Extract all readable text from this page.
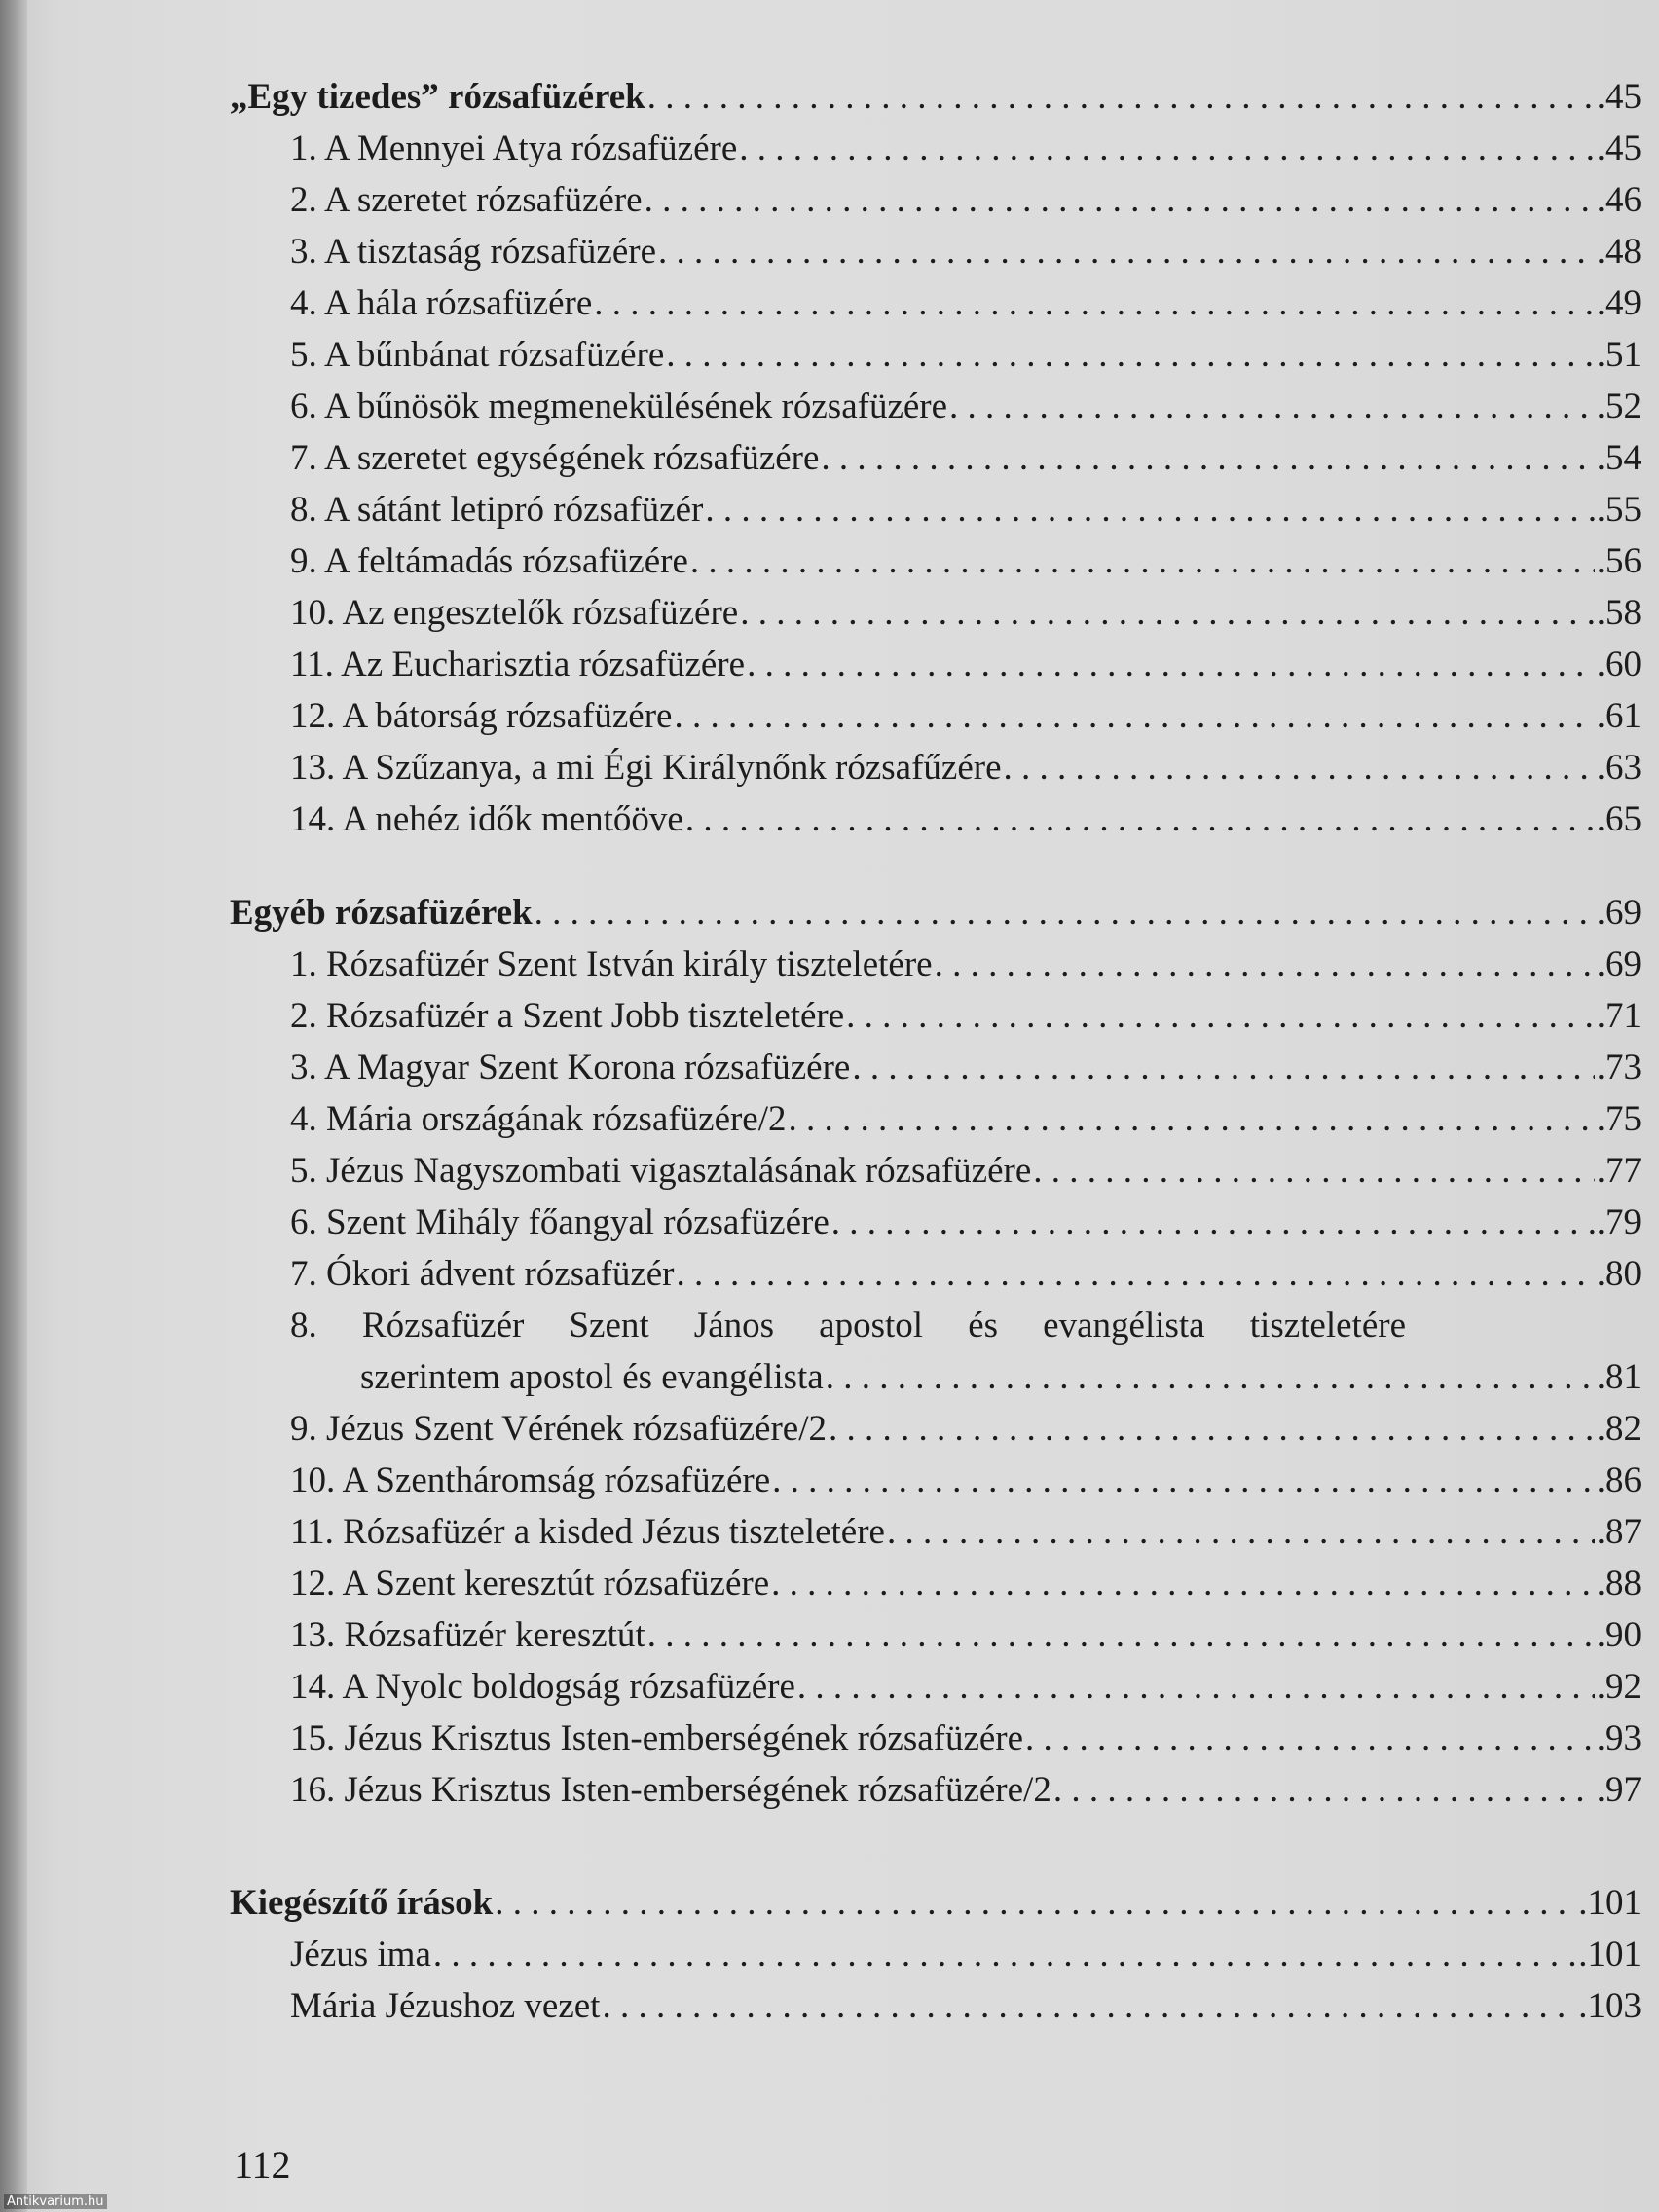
„Egy tizedes” rózsafüzérek . . .	.45
1. A Mennyei Atya rózsafüzére . . .	.45
2. A szeretet rózsafüzére . . .	.46
3. A tisztaság rózsafüzére . . .	.48
4. A hála rózsafüzére . . .	.49
5. A bűnbánat rózsafüzére . . .	.51
6. A bűnösök megmenekülésének rózsafüzére . . .	.52
7. A szeretet egységének rózsafüzére . . .	.54
8. A sátánt letipró rózsafüzér . . .	.55
9. A feltámadás rózsafüzére . . .	.56
10. Az engesztelők rózsafüzére . . .	.58
11. Az Eucharisztia rózsafüzére . . .	.60
12. A bátorság rózsafüzére . . .	.61
13. A Szűzanya, a mi Égi Királynőnk rózsafűzére . . .	.63
14. A nehéz idők mentőöve . . .	.65
Egyéb rózsafüzérek . . .	.69
1. Rózsafüzér Szent István király tiszteletére . . .	.69
2. Rózsafüzér a Szent Jobb tiszteletére . . .	.71
3. A Magyar Szent Korona rózsafüzére . . .	.73
4. Mária országának rózsafüzére/2 . . .	.75
5. Jézus Nagyszombati vigasztalásának rózsafüzére . . .	.77
6. Szent Mihály főangyal rózsafüzére . . .	.79
7. Ókori ádvent rózsafüzér . . .	.80
8. Rózsafüzér Szent János apostol és evangélista tiszteletére
szerintem apostol és evangélista . . .	.81
9. Jézus Szent Vérének rózsafüzére/2 . . .	.82
10. A Szentháromság rózsafüzére . . .	.86
11. Rózsafüzér a kisded Jézus tiszteletére . . .	.87
12. A Szent keresztút rózsafüzére . . .	.88
13. Rózsafüzér keresztút . . .	.90
14. A Nyolc boldogság rózsafüzére . . .	.92
15. Jézus Krisztus Isten-emberségének rózsafüzére . . .	.93
16. Jézus Krisztus Isten-emberségének rózsafüzére/2 . . .	.97
Kiegészítő írások . . .	.101
Jézus ima . . .	.101
Mária Jézushoz vezet . . .	.103
112
Antikvarium.hu
